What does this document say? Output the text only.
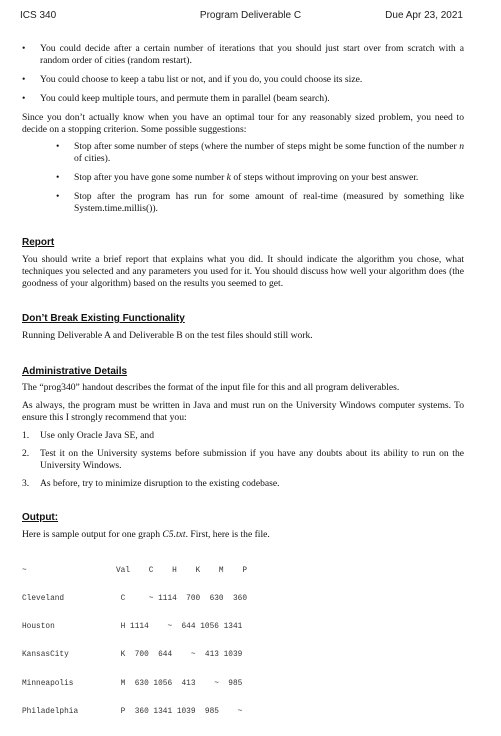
ICS 340	Program Deliverable C	Due Apr 23, 2021
• You could decide after a certain number of iterations that you should just start over from scratch with a random order of cities (random restart).
• You could choose to keep a tabu list or not, and if you do, you could choose its size.
• You could keep multiple tours, and permute them in parallel (beam search).
Since you don’t actually know when you have an optimal tour for any reasonably sized problem, you need to decide on a stopping criterion. Some possible suggestions:
• Stop after some number of steps (where the number of steps might be some function of the number n of cities).
• Stop after you have gone some number k of steps without improving on your best answer.
• Stop after the program has run for some amount of real-time (measured by something like System.time.millis()).
Report
You should write a brief report that explains what you did. It should indicate the algorithm you chose, what techniques you selected and any parameters you used for it. You should discuss how well your algorithm does (the goodness of your algorithm) based on the results you seemed to get.
Don’t Break Existing Functionality
Running Deliverable A and Deliverable B on the test files should still work.
Administrative Details
The “prog340” handout describes the format of the input file for this and all program deliverables.
As always, the program must be written in Java and must run on the University Windows computer systems. To ensure this I strongly recommend that you:
1. Use only Oracle Java SE, and
2. Test it on the University systems before submission if you have any doubts about its ability to run on the University Windows.
3. As before, try to minimize disruption to the existing codebase.
Output:
Here is sample output for one graph C5.txt. First, here is the file.

~

Cleveland

Houston

KansasCity

Minneapolis

Philadelphia

Val    C    H    K    M    P

C     ~ 1114  700  630  360

H 1114    ~  644 1056 1341

K  700  644    ~  413 1039

M  630 1056  413    ~  985

P  360 1341 1039  985    ~
